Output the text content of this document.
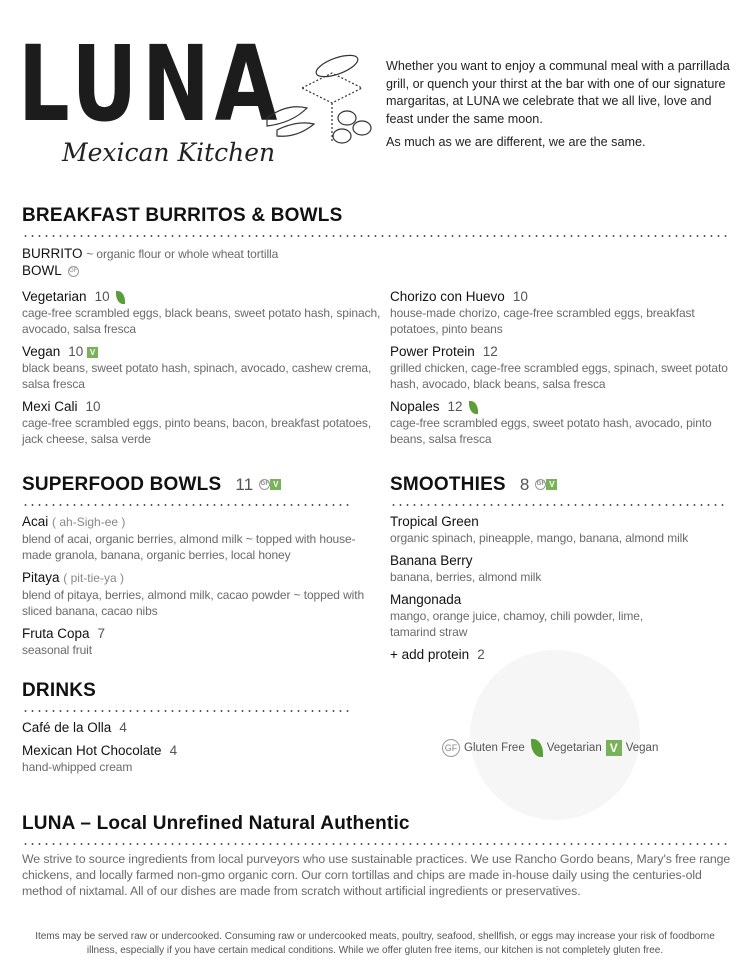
LUNA
Mexican Kitchen

Whether you want to enjoy a communal meal with a parrillada grill, or quench your thirst at the bar with one of our signature margaritas, at LUNA we celebrate that we all live, love and feast under the same moon.

As much as we are different, we are the same.

BREAKFAST BURRITOS & BOWLS
BURRITO ~ organic flour or whole wheat tortilla
BOWL GF
Vegetarian 10
cage-free scrambled eggs, black beans, sweet potato hash, spinach, avocado, salsa fresca
Vegan 10 V
black beans, sweet potato hash, spinach, avocado, cashew crema, salsa fresca
Mexi Cali 10
cage-free scrambled eggs, pinto beans, bacon, breakfast potatoes, jack cheese, salsa verde
Chorizo con Huevo 10
house-made chorizo, cage-free scrambled eggs, breakfast potatoes, pinto beans
Power Protein 12
grilled chicken, cage-free scrambled eggs, spinach, sweet potato hash, avocado, black beans, salsa fresca
Nopales 12
cage-free scrambled eggs, sweet potato hash, avocado, pinto beans, salsa fresca
SUPERFOOD BOWLS 11 GF V
Acai ( ah-Sigh-ee )
blend of acai, organic berries, almond milk ~ topped with house-made granola, banana, organic berries, local honey
Pitaya ( pit-tie-ya )
blend of pitaya, berries, almond milk, cacao powder ~ topped with sliced banana, cacao nibs
Fruta Copa 7
seasonal fruit
DRINKS
Café de la Olla 4
Mexican Hot Chocolate 4
hand-whipped cream
SMOOTHIES 8 GF V
Tropical Green
organic spinach, pineapple, mango, banana, almond milk
Banana Berry
banana, berries, almond milk
Mangonada
mango, orange juice, chamoy, chili powder, lime, tamarind straw
+ add protein 2
GF Gluten Free Vegetarian V Vegan
LUNA – Local Unrefined Natural Authentic
We strive to source ingredients from local purveyors who use sustainable practices. We use Rancho Gordo beans, Mary's free range chickens, and locally farmed non-gmo organic corn. Our corn tortillas and chips are made in-house daily using the centuries-old method of nixtamal. All of our dishes are made from scratch without artificial ingredients or preservatives.
Items may be served raw or undercooked. Consuming raw or undercooked meats, poultry, seafood, shellfish, or eggs may increase your risk of foodborne illness, especially if you have certain medical conditions. While we offer gluten free items, our kitchen is not completely gluten free.
